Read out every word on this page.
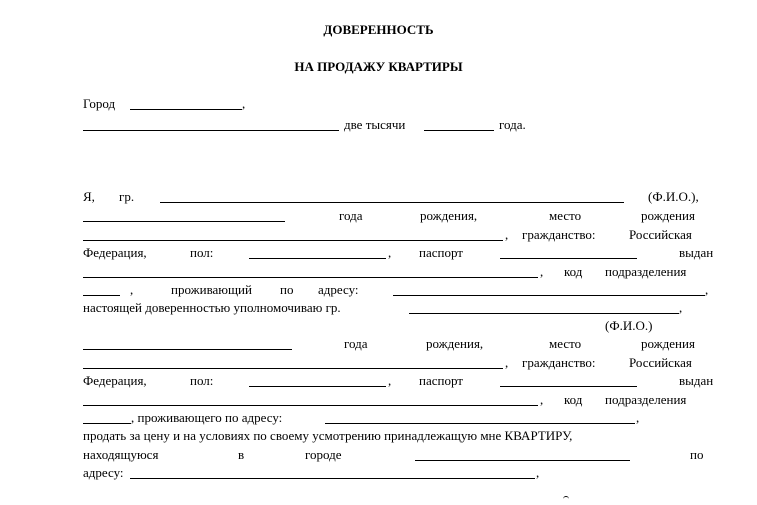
ДОВЕРЕННОСТЬ
НА ПРОДАЖУ КВАРТИРЫ
Город	,
две тысячи	года.
Я, гр.	(Ф.И.О.),
года	рождения,	место	рождения
, гражданство:	Российская
Федерация,	пол:	, паспорт	выдан
, код подразделения
,	проживающий по адресу:	,
настоящей доверенностью уполномочиваю гр.	,
(Ф.И.О.)
года	рождения,	место	рождения
, гражданство:	Российская
Федерация,	пол:	, паспорт	выдан
, код подразделения
, проживающего по адресу:	,
продать за цену и на условиях по своему усмотрению принадлежащую мне КВАРТИРУ,
находящуюся	в	городе	по
адресу:	,
